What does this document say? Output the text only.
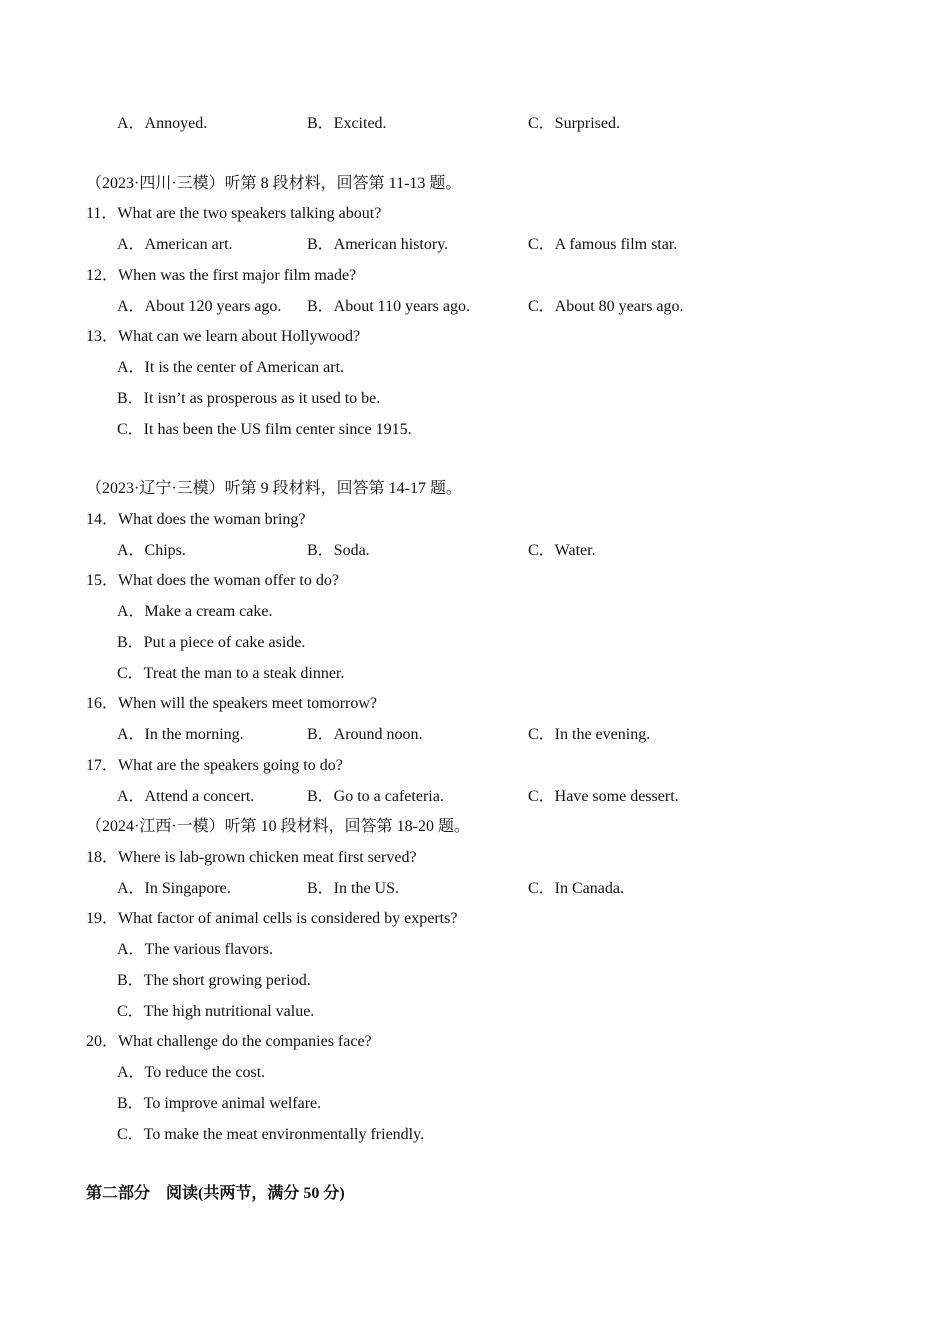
A．Annoyed.	B．Excited.	C．Surprised.
（2023·四川·三模）听第 8 段材料，回答第 11-13 题。
11．What are the two speakers talking about?
A．American art.	B．American history.	C．A famous film star.
12．When was the first major film made?
A．About 120 years ago. B．About 110 years ago.	C．About 80 years ago.
13．What can we learn about Hollywood?
A．It is the center of American art.
B．It isn’t as prosperous as it used to be.
C．It has been the US film center since 1915.
（2023·辽宁·三模）听第 9 段材料，回答第 14-17 题。
14．What does the woman bring?
A．Chips.	B．Soda.	C．Water.
15．What does the woman offer to do?
A．Make a cream cake.
B．Put a piece of cake aside.
C．Treat the man to a steak dinner.
16．When will the speakers meet tomorrow?
A．In the morning.	B．Around noon.	C．In the evening.
17．What are the speakers going to do?
A．Attend a concert.	B．Go to a cafeteria.	C．Have some dessert.
（2024·江西·一模）听第 10 段材料，回答第 18-20 题。
18．Where is lab-grown chicken meat first served?
A．In Singapore.	B．In the US.	C．In Canada.
19．What factor of animal cells is considered by experts?
A．The various flavors.
B．The short growing period.
C．The high nutritional value.
20．What challenge do the companies face?
A．To reduce the cost.
B．To improve animal welfare.
C．To make the meat environmentally friendly.
第二部分　阅读(共两节，满分 50 分)
